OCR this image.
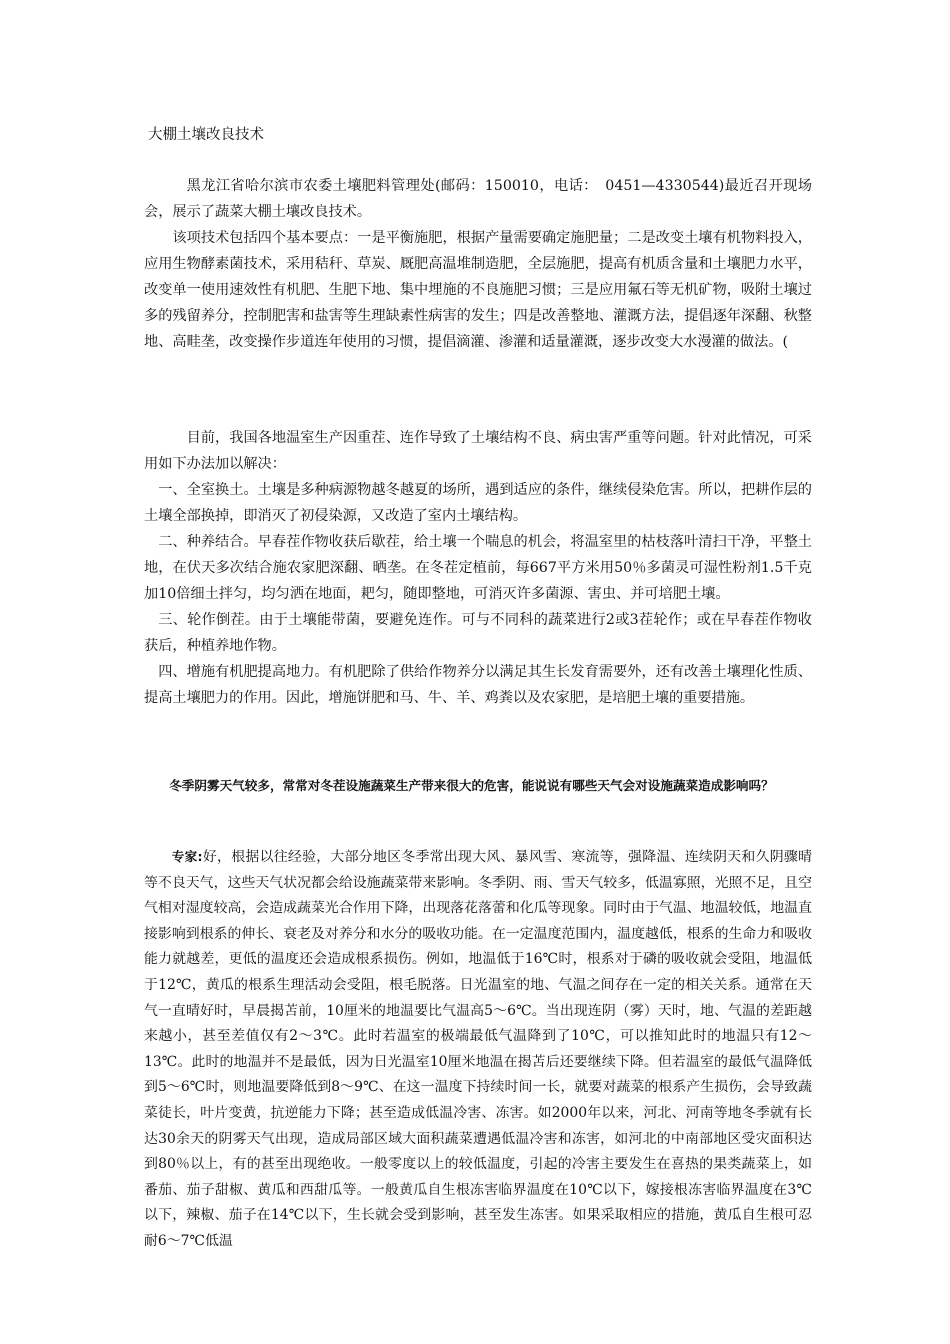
大棚土壤改良技术

黑龙江省哈尔滨市农委土壤肥料管理处(邮码：150010，电话：　0451—4330544)最近召开现场会，展示了蔬菜大棚土壤改良技术。

该项技术包括四个基本要点：一是平衡施肥，根据产量需要确定施肥量；二是改变土壤有机物料投入，应用生物酵素菌技术，采用秸秆、草炭、厩肥高温堆制造肥，全层施肥，提高有机质含量和土壤肥力水平，改变单一使用速效性有机肥、生肥下地、集中埋施的不良施肥习惯；三是应用氟石等无机矿物，吸附土壤过多的残留养分，控制肥害和盐害等生理缺素性病害的发生；四是改善整地、灌溉方法，提倡逐年深翻、秋整地、高畦垄，改变操作步道连年使用的习惯，提倡滴灌、渗灌和适量灌溉，逐步改变大水漫灌的做法。(

目前，我国各地温室生产因重茬、连作导致了土壤结构不良、病虫害严重等问题。针对此情况，可采用如下办法加以解决：

一、全室换土。土壤是多种病源物越冬越夏的场所，遇到适应的条件，继续侵染危害。所以，把耕作层的土壤全部换掉，即消灭了初侵染源，又改造了室内土壤结构。

二、种养结合。早春茬作物收获后歇茬，给土壤一个喘息的机会，将温室里的枯枝落叶清扫干净，平整土地，在伏天多次结合施农家肥深翻、晒垄。在冬茬定植前，每667平方米用50％多菌灵可湿性粉剂1.5千克加10倍细土拌匀，均匀洒在地面，耙匀，随即整地，可消灭许多菌源、害虫、并可培肥土壤。

三、轮作倒茬。由于土壤能带菌，要避免连作。可与不同科的蔬菜进行2或3茬轮作；或在早春茬作物收获后，种植养地作物。

四、增施有机肥提高地力。有机肥除了供给作物养分以满足其生长发育需要外，还有改善土壤理化性质、提高土壤肥力的作用。因此，增施饼肥和马、牛、羊、鸡粪以及农家肥，是培肥土壤的重要措施。

冬季阴雾天气较多，常常对冬茬设施蔬菜生产带来很大的危害，能说说有哪些天气会对设施蔬菜造成影响吗？

专家:好，根据以往经验，大部分地区冬季常出现大风、暴风雪、寒流等，强降温、连续阴天和久阴骤晴等不良天气，这些天气状况都会给设施蔬菜带来影响。冬季阴、雨、雪天气较多，低温寡照，光照不足，且空气相对湿度较高，会造成蔬菜光合作用下降，出现落花落蕾和化瓜等现象。同时由于气温、地温较低，地温直接影响到根系的伸长、衰老及对养分和水分的吸收功能。在一定温度范围内，温度越低，根系的生命力和吸收能力就越差，更低的温度还会造成根系损伤。例如，地温低于16℃时，根系对于磷的吸收就会受阻，地温低于12℃，黄瓜的根系生理活动会受阻，根毛脱落。日光温室的地、气温之间存在一定的相关关系。通常在天气一直晴好时，早晨揭苫前，10厘米的地温要比气温高5～6℃。当出现连阴（雾）天时，地、气温的差距越来越小，甚至差值仅有2～3℃。此时若温室的极端最低气温降到了10℃，可以推知此时的地温只有12～13℃。此时的地温并不是最低，因为日光温室10厘米地温在揭苫后还要继续下降。但若温室的最低气温降低到5～6℃时，则地温要降低到8～9℃、在这一温度下持续时间一长，就要对蔬菜的根系产生损伤，会导致蔬菜徒长，叶片变黄，抗逆能力下降；甚至造成低温冷害、冻害。如2000年以来，河北、河南等地冬季就有长达30余天的阴雾天气出现，造成局部区域大面积蔬菜遭遇低温冷害和冻害，如河北的中南部地区受灾面积达到80％以上，有的甚至出现绝收。一般零度以上的较低温度，引起的冷害主要发生在喜热的果类蔬菜上，如番茄、茄子甜椒、黄瓜和西甜瓜等。一般黄瓜自生根冻害临界温度在10℃以下，嫁接根冻害临界温度在3℃以下，辣椒、茄子在14℃以下，生长就会受到影响，甚至发生冻害。如果采取相应的措施，黄瓜自生根可忍耐6～7℃低温
